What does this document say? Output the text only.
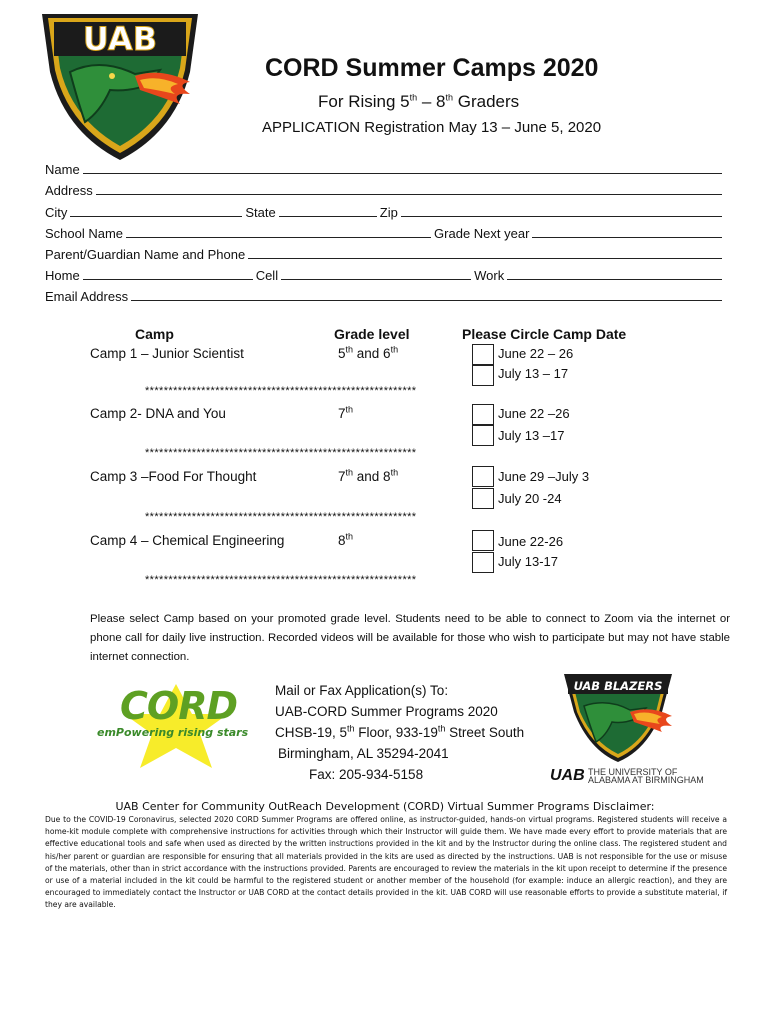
UAB
CORD Summer Camps 2020
For Rising 5th – 8th Graders
APPLICATION Registration May 13 – June 5, 2020
Name
Address
City	State	Zip
School Name	Grade Next year
Parent/Guardian Name and Phone
Home	Cell	Work
Email Address
Camp	Grade level	Please Circle Camp Date
Camp 1 – Junior Scientist	5th and 6th	June 22 – 26
July 13 – 17
**********************************************************
Camp 2- DNA and You	7th	June 22 –26
July 13 –17
**********************************************************
Camp 3 –Food For Thought	7th and 8th	June 29 –July 3
July 20 -24
**********************************************************
Camp 4 – Chemical Engineering	8th	June 22-26
July 13-17
**********************************************************
Please select Camp based on your promoted grade level. Students need to be able to connect to Zoom via the internet or phone call for daily live instruction. Recorded videos will be available for those who wish to participate but may not have stable internet connection.
CORD
emPowering rising stars
Mail or Fax Application(s) To:
UAB-CORD Summer Programs 2020
CHSB-19, 5th Floor, 933-19th Street South
Birmingham, AL 35294-2041
Fax: 205-934-5158
UAB BLAZERS
UAB THE UNIVERSITY OF
ALABAMA AT BIRMINGHAM
UAB Center for Community OutReach Development (CORD) Virtual Summer Programs Disclaimer:
Due to the COVID-19 Coronavirus, selected 2020 CORD Summer Programs are offered online, as instructor-guided, hands-on virtual programs. Registered students will receive a home-kit module complete with comprehensive instructions for activities through which their Instructor will guide them. We have made every effort to provide materials that are effective educational tools and safe when used as directed by the written instructions provided in the kit and by the Instructor during the online class. The registered student and his/her parent or guardian are responsible for ensuring that all materials provided in the kits are used as directed by the instructions. UAB is not responsible for the use or misuse of the materials, other than in strict accordance with the instructions provided. Parents are encouraged to review the materials in the kit upon receipt to determine if the presence or use of a material included in the kit could be harmful to the registered student or another member of the household (for example: induce an allergic reaction), and they are encouraged to immediately contact the Instructor or UAB CORD at the contact details provided in the kit. UAB CORD will use reasonable efforts to provide a substitute material, if they are available.
